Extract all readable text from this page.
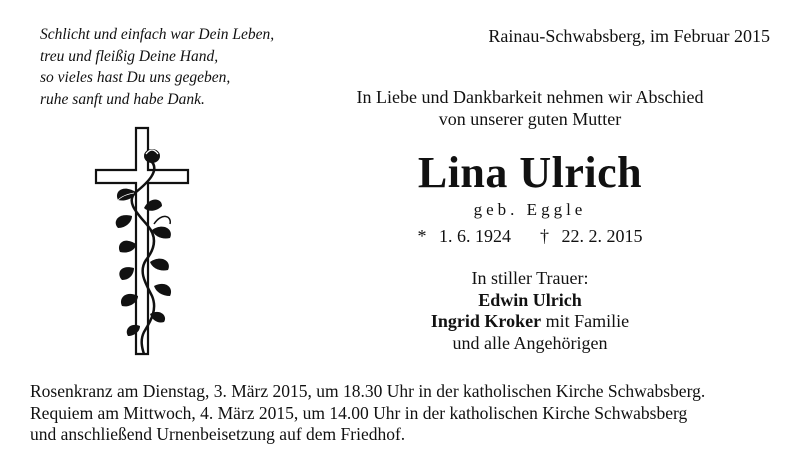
Schlicht und einfach war Dein Leben,
treu und fleißig Deine Hand,
so vieles hast Du uns gegeben,
ruhe sanft und habe Dank.
Rainau-Schwabsberg, im Februar 2015
In Liebe und Dankbarkeit nehmen wir Abschied
von unserer guten Mutter
Lina Ulrich
geb. Eggle
* 1. 6. 1924 † 22. 2. 2015
In stiller Trauer:
Edwin Ulrich
Ingrid Kroker mit Familie
und alle Angehörigen
Rosenkranz am Dienstag, 3. März 2015, um 18.30 Uhr in der katholischen Kirche Schwabsberg.
Requiem am Mittwoch, 4. März 2015, um 14.00 Uhr in der katholischen Kirche Schwabsberg
und anschließend Urnenbeisetzung auf dem Friedhof.
